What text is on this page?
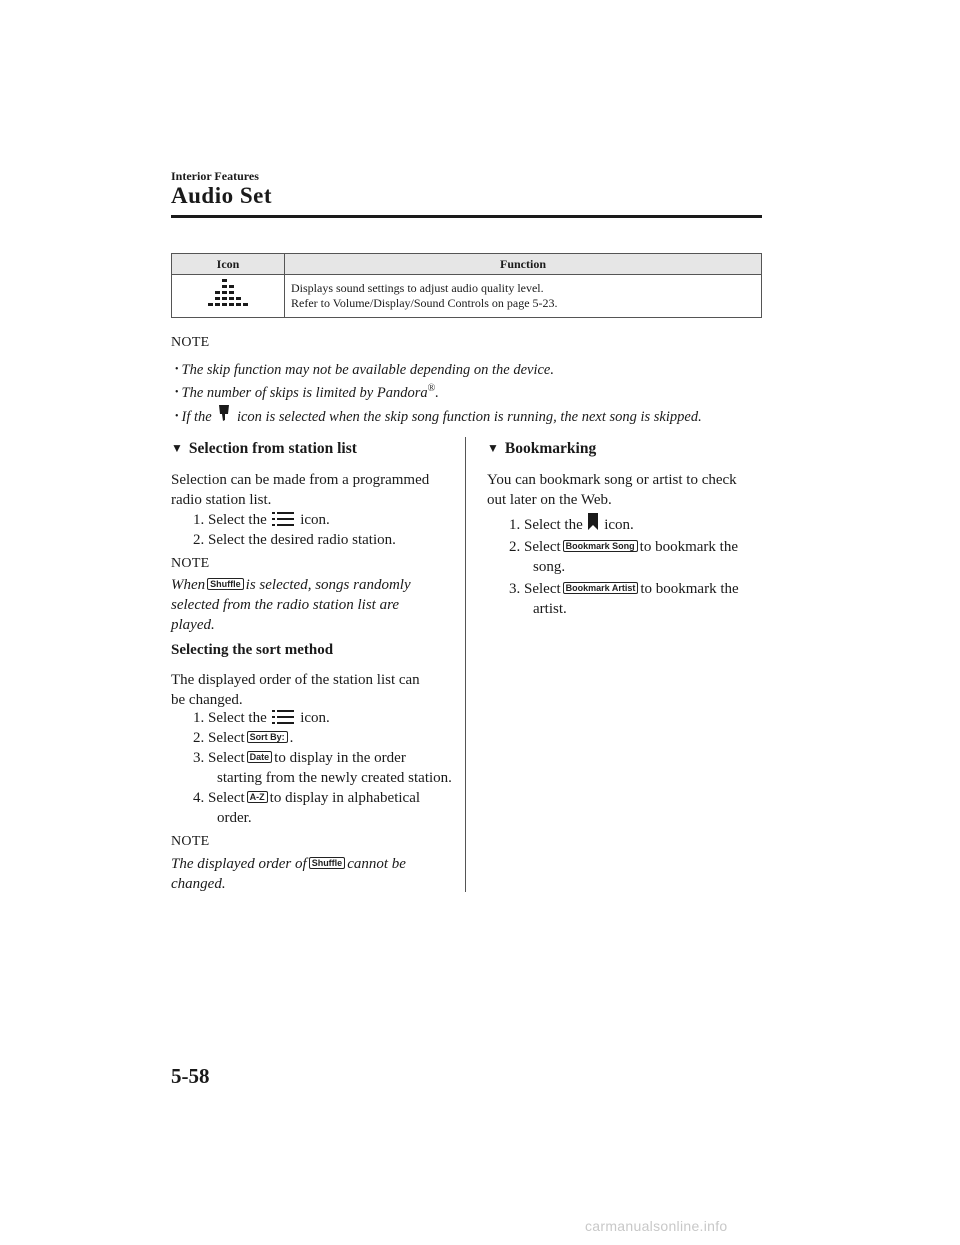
Interior Features
Audio Set
Icon	Function

Displays sound settings to adjust audio quality level.
Refer to Volume/Display/Sound Controls on page 5-23.
NOTE
• The skip function may not be available depending on the device.
• The number of skips is limited by Pandora®.
• If the icon is selected when the skip song function is running, the next song is skipped.
▼ Selection from station list
Selection can be made from a programmed
radio station list.
1. Select the icon.
2. Select the desired radio station.
NOTE
When Shuffle is selected, songs randomly
selected from the radio station list are
played.
Selecting the sort method
The displayed order of the station list can
be changed.
1. Select the icon.
2. Select Sort By: .
3. Select Date to display in the order
starting from the newly created station.
4. Select A-Z to display in alphabetical
order.
NOTE
The displayed order of Shuffle cannot be
changed.
▼ Bookmarking
You can bookmark song or artist to check
out later on the Web.
1. Select the icon.
2. Select Bookmark Song to bookmark the
song.
3. Select Bookmark Artist to bookmark the
artist.
5-58
carmanualsonline.info
